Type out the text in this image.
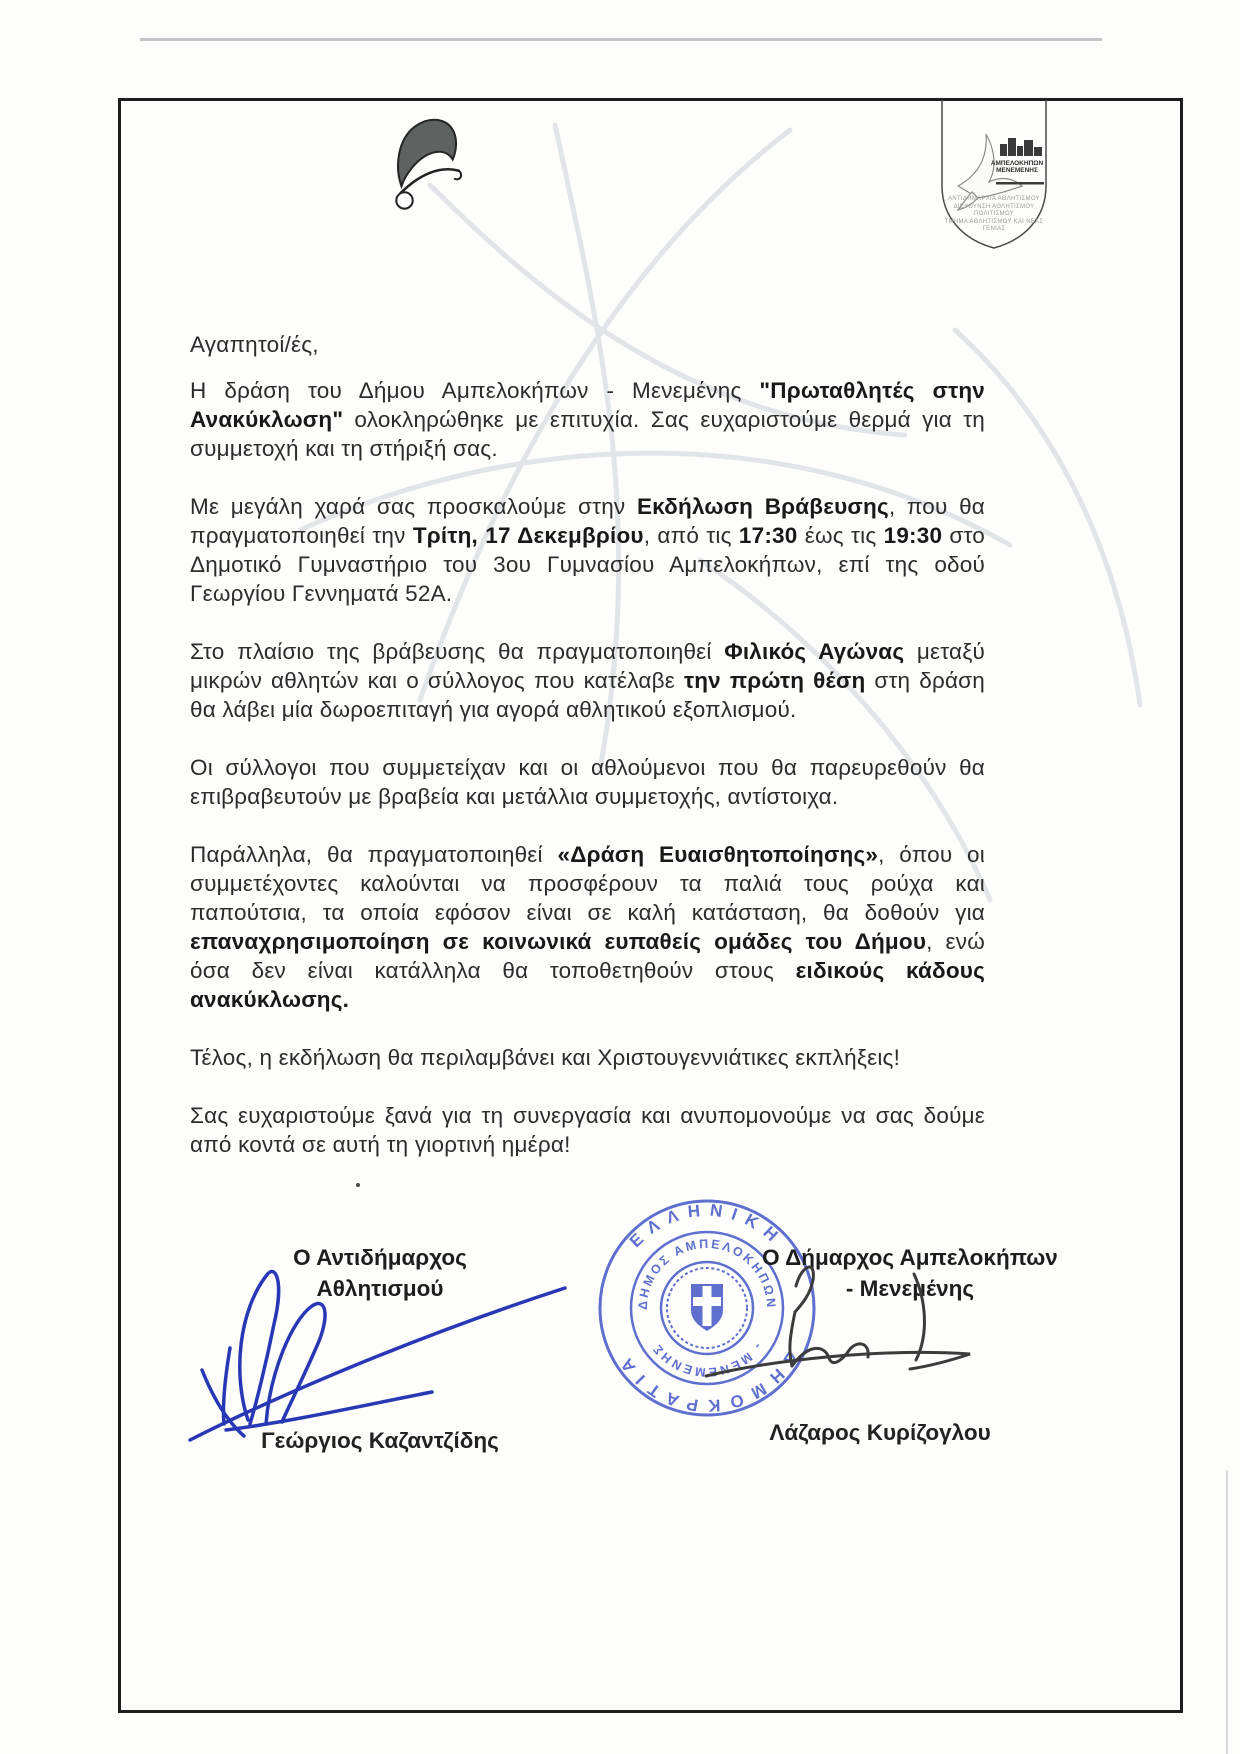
ΑΜΠΕΛΟΚΗΠΩΝ
ΜΕΝΕΜΕΝΗΣ
ΑΝΤΙΔΗΜΑΡΧΙΑ ΑΘΛΗΤΙΣΜΟΥ
ΔΙΕΥΘΥΝΣΗ ΑΘΛΗΤΙΣΜΟΥ
ΠΟΛΙΤΙΣΜΟΥ
ΤΜΗΜΑ ΑΘΛΗΤΙΣΜΟΥ ΚΑΙ ΝΕΑΣ
ΓΕΝΙΑΣ

Αγαπητοί/ές,

Η δράση του Δήμου Αμπελοκήπων - Μενεμένης "Πρωταθλητές στην Ανακύκλωση" ολοκληρώθηκε με επιτυχία. Σας ευχαριστούμε θερμά για τη συμμετοχή και τη στήριξή σας.

Με μεγάλη χαρά σας προσκαλούμε στην Εκδήλωση Βράβευσης, που θα πραγματοποιηθεί την Τρίτη, 17 Δεκεμβρίου, από τις 17:30 έως τις 19:30 στο Δημοτικό Γυμναστήριο του 3ου Γυμνασίου Αμπελοκήπων, επί της οδού Γεωργίου Γεννηματά 52Α.

Στο πλαίσιο της βράβευσης θα πραγματοποιηθεί Φιλικός Αγώνας μεταξύ μικρών αθλητών και ο σύλλογος που κατέλαβε την πρώτη θέση στη δράση θα λάβει μία δωροεπιταγή για αγορά αθλητικού εξοπλισμού.

Οι σύλλογοι που συμμετείχαν και οι αθλούμενοι που θα παρευρεθούν θα επιβραβευτούν με βραβεία και μετάλλια συμμετοχής, αντίστοιχα.

Παράλληλα, θα πραγματοποιηθεί «Δράση Ευαισθητοποίησης», όπου οι συμμετέχοντες καλούνται να προσφέρουν τα παλιά τους ρούχα και παπούτσια, τα οποία εφόσον είναι σε καλή κατάσταση, θα δοθούν για επαναχρησιμοποίηση σε κοινωνικά ευπαθείς ομάδες του Δήμου, ενώ όσα δεν είναι κατάλληλα θα τοποθετηθούν στους ειδικούς κάδους ανακύκλωσης.

Τέλος, η εκδήλωση θα περιλαμβάνει και Χριστουγεννιάτικες εκπλήξεις!

Σας ευχαριστούμε ξανά για τη συνεργασία και ανυπομονούμε να σας δούμε από κοντά σε αυτή τη γιορτινή ημέρα!

Ο Αντιδήμαρχος
Αθλητισμού
Ο Δήμαρχος Αμπελοκήπων
- Μενεμένης
ΕΛΛΗΝΙΚΗ
ΔΗΜΟΚΡΑΤΙΑ
ΔΗΜΟΣ ΑΜΠΕΛΟΚΗΠΩΝ
- ΜΕΝΕΜΕΝΗΣ
Γεώργιος Καζαντζίδης	Λάζαρος Κυρίζογλου
